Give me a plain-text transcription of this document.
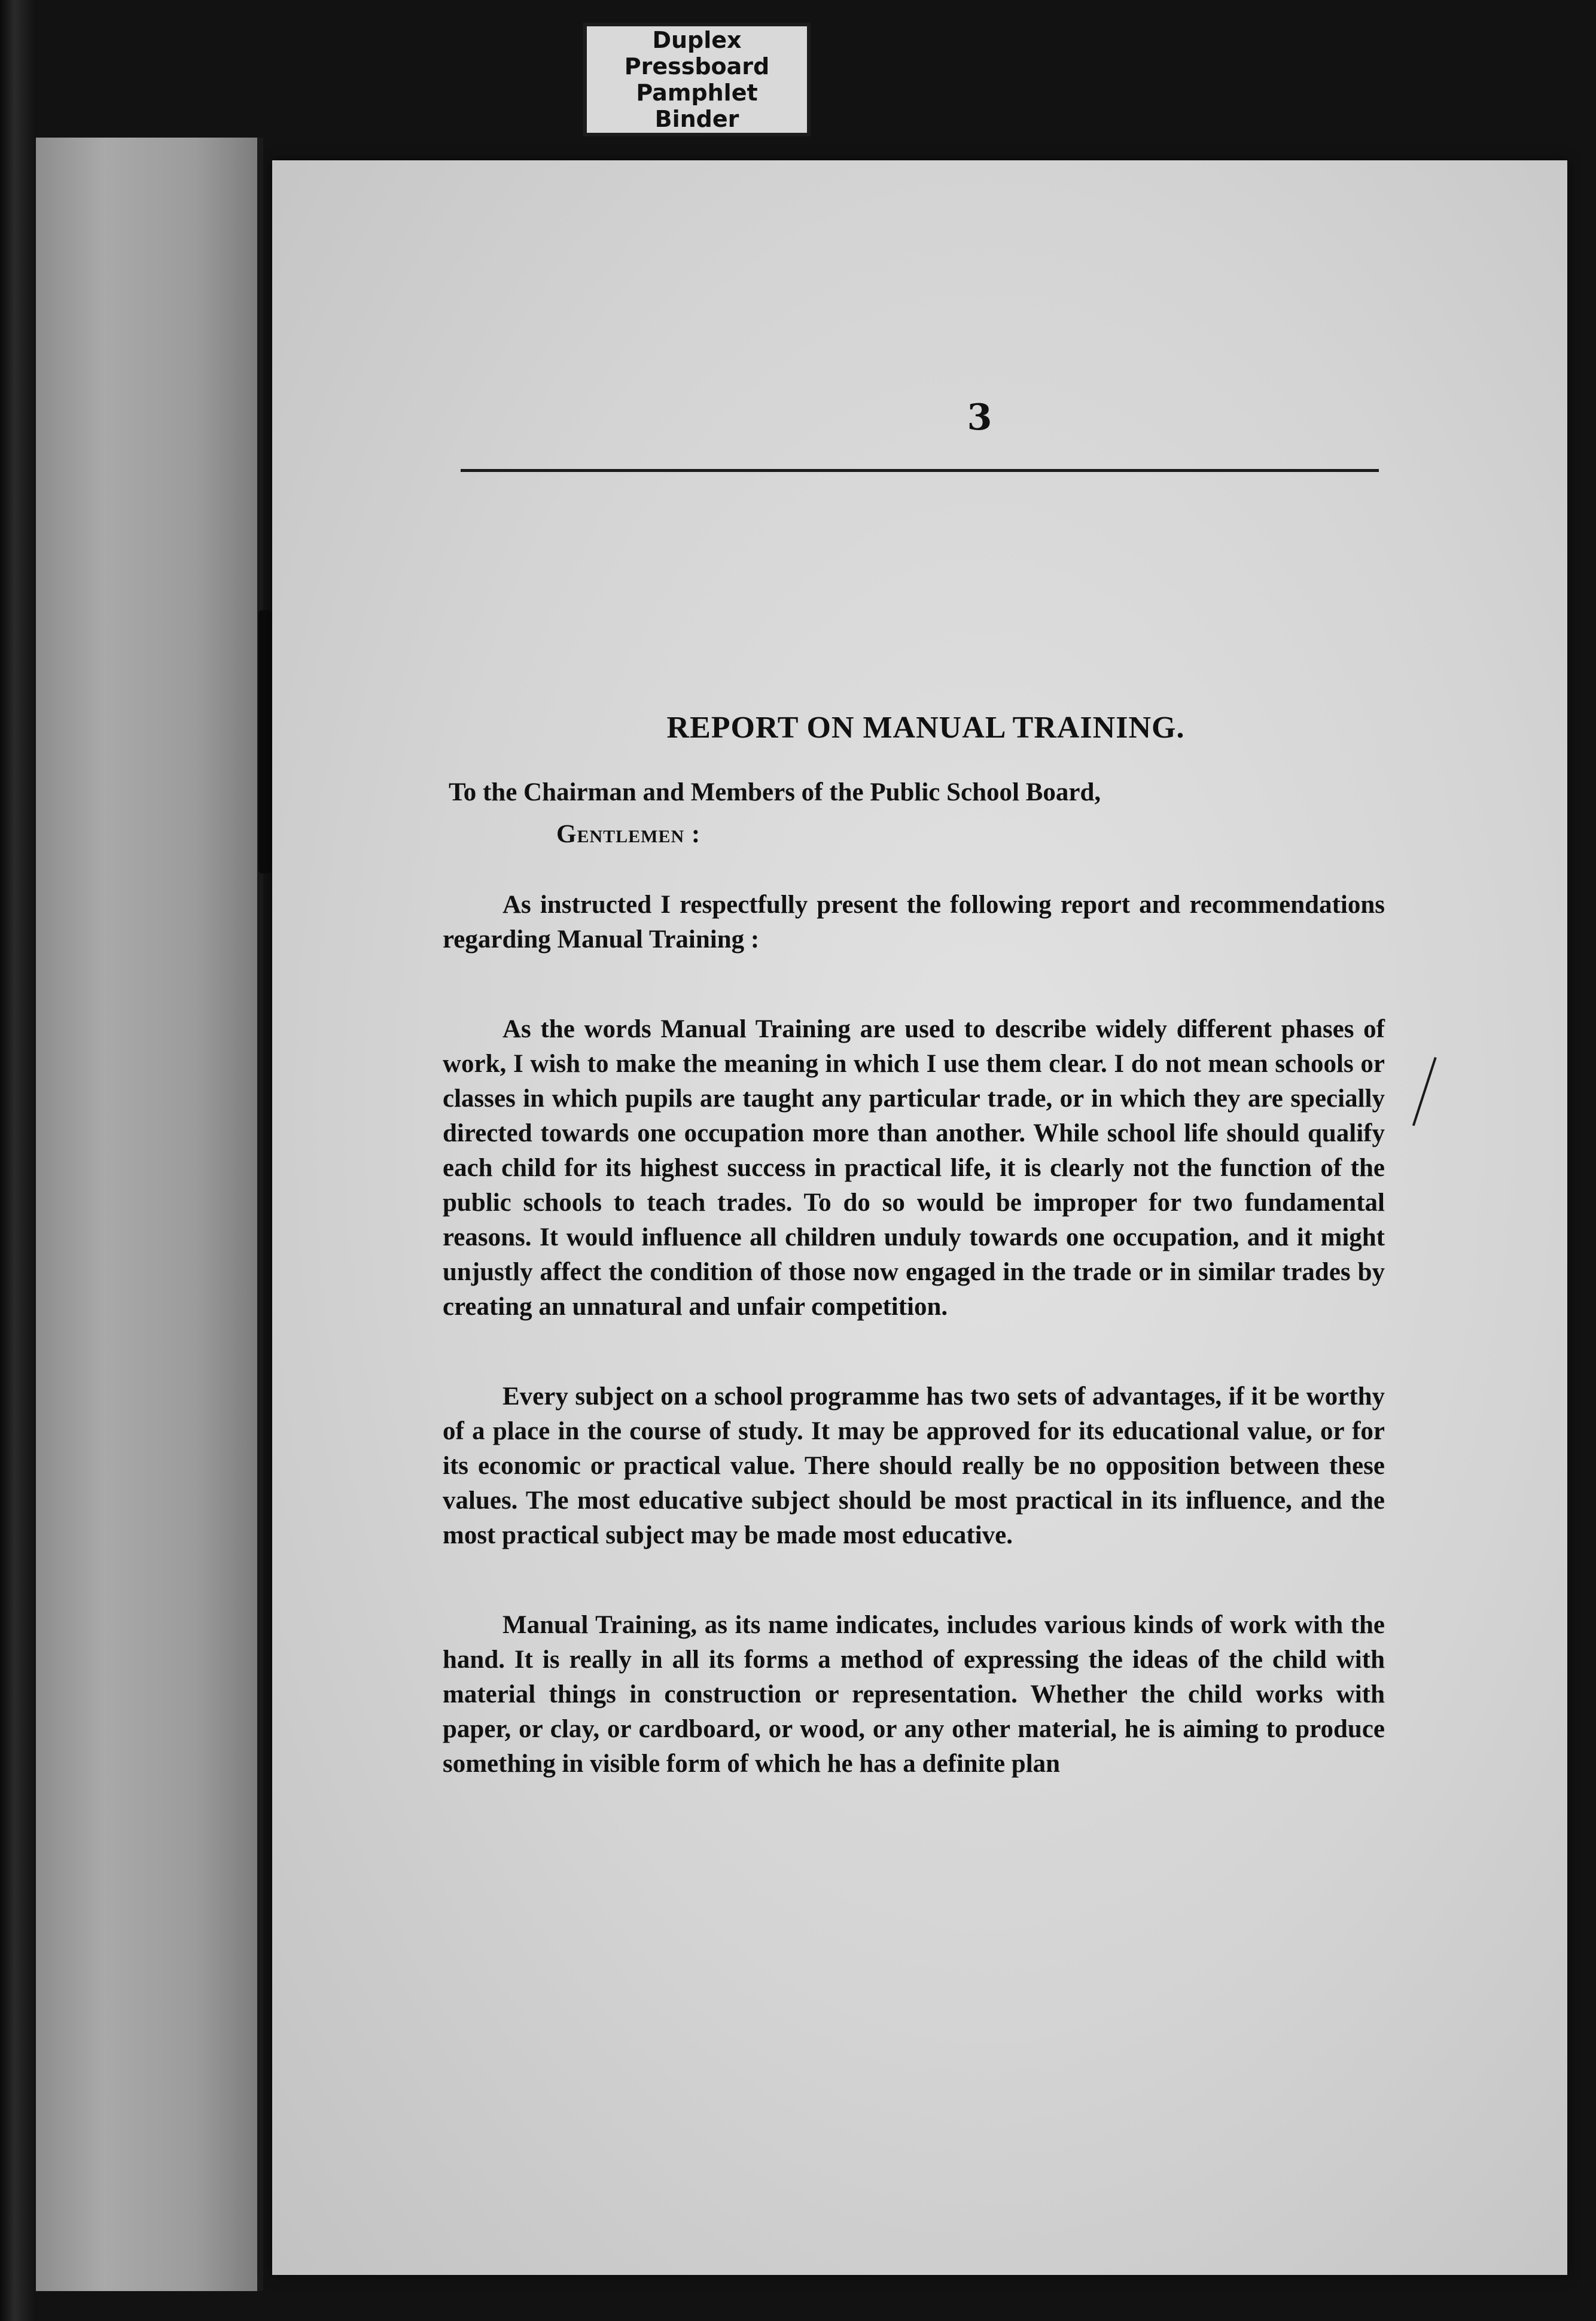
Duplex
Pressboard
Pamphlet
Binder
3
REPORT ON MANUAL TRAINING.
To the Chairman and Members of the Public School Board,
Gentlemen :

As instructed I respectfully present the following report and recommendations regarding Manual Training :

As the words Manual Training are used to describe widely different phases of work, I wish to make the meaning in which I use them clear. I do not mean schools or classes in which pupils are taught any particular trade, or in which they are specially directed towards one occupation more than another. While school life should qualify each child for its highest success in practical life, it is clearly not the function of the public schools to teach trades. To do so would be improper for two fundamental reasons. It would influence all children unduly towards one occupation, and it might unjustly affect the condition of those now engaged in the trade or in similar trades by creating an unnatural and unfair competition.

Every subject on a school programme has two sets of advantages, if it be worthy of a place in the course of study. It may be approved for its educational value, or for its economic or practical value. There should really be no opposition between these values. The most educative subject should be most practical in its influence, and the most practical subject may be made most educative.

Manual Training, as its name indicates, includes various kinds of work with the hand. It is really in all its forms a method of expressing the ideas of the child with material things in construction or representation. Whether the child works with paper, or clay, or cardboard, or wood, or any other material, he is aiming to produce something in visible form of which he has a definite plan
